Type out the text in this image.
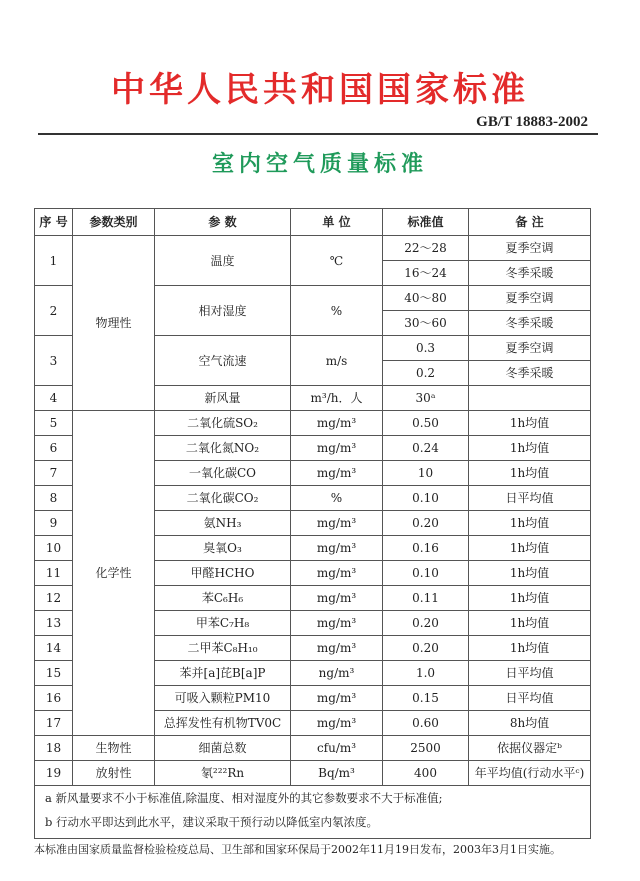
中华人民共和国国家标准
GB/T 18883-2002
室内空气质量标准
序 号	参数类别	参 数	单 位	标准值	备 注
1	物理性	温度	℃	22～28	夏季空调
				16～24	冬季采暖
2		相对湿度	%	40～80	夏季空调
				30～60	冬季采暖
3		空气流速	m/s	0.3	夏季空调
				0.2	冬季采暖
4		新风量	m³/h．人	30ᵃ	
5	化学性	二氧化硫SO₂	mg/m³	0.50	1h均值
6		二氧化氮NO₂	mg/m³	0.24	1h均值
7		一氧化碳CO	mg/m³	10	1h均值
8		二氧化碳CO₂	%	0.10	日平均值
9		氨NH₃	mg/m³	0.20	1h均值
10		臭氧O₃	mg/m³	0.16	1h均值
11		甲醛HCHO	mg/m³	0.10	1h均值
12		苯C₆H₆	mg/m³	0.11	1h均值
13		甲苯C₇H₈	mg/m³	0.20	1h均值
14		二甲苯C₈H₁₀	mg/m³	0.20	1h均值
15		苯并[a]芘B[a]P	ng/m³	1.0	日平均值
16		可吸入颗粒PM10	mg/m³	0.15	日平均值
17		总挥发性有机物TV0C	mg/m³	0.60	8h均值
18	生物性	细菌总数	cfu/m³	2500	依据仪器定ᵇ
19	放射性	氡²²²Rn	Bq/m³	400	年平均值(行动水平ᶜ)
a 新风量要求不小于标准值,除温度、相对湿度外的其它参数要求不大于标准值;
b 行动水平即达到此水平，建议采取干预行动以降低室内氡浓度。
本标准由国家质量监督检验检疫总局、卫生部和国家环保局于2002年11月19日发布，2003年3月1日实施。
